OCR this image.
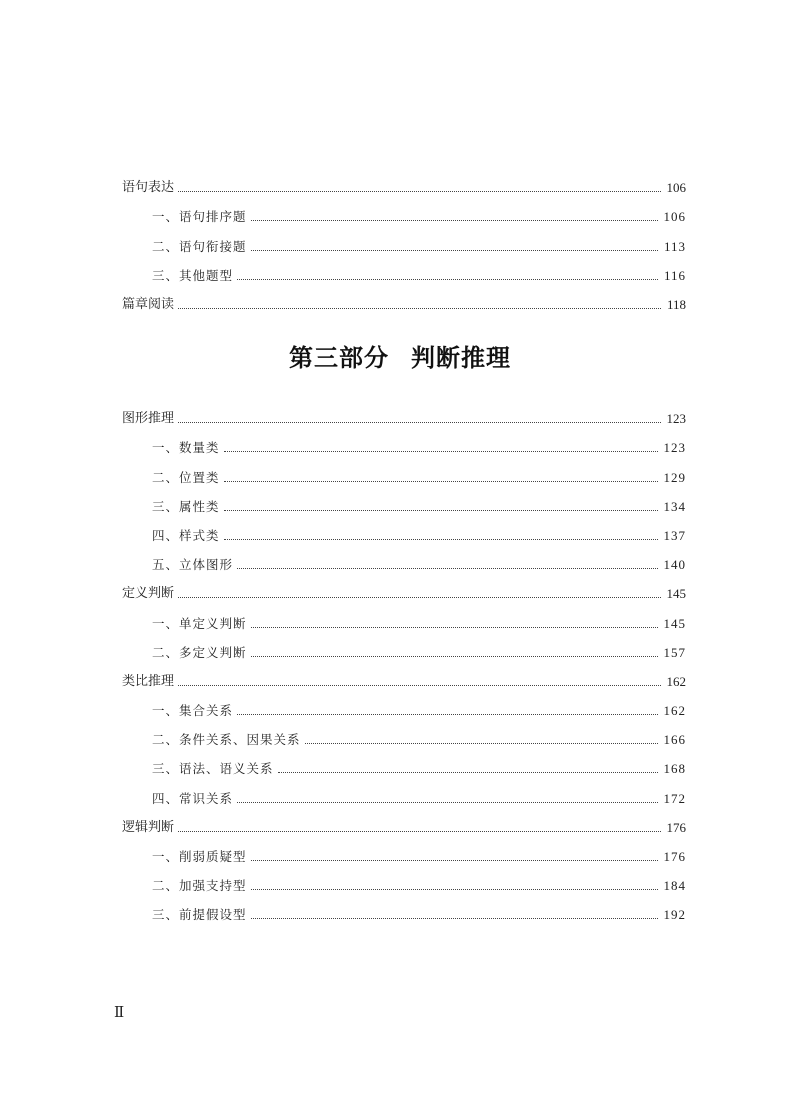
语句表达	106
一、语句排序题	106
二、语句衔接题	113
三、其他题型	116
篇章阅读	118
第三部分 判断推理
图形推理	123
一、数量类	123
二、位置类	129
三、属性类	134
四、样式类	137
五、立体图形	140
定义判断	145
一、单定义判断	145
二、多定义判断	157
类比推理	162
一、集合关系	162
二、条件关系、因果关系	166
三、语法、语义关系	168
四、常识关系	172
逻辑判断	176
一、削弱质疑型	176
二、加强支持型	184
三、前提假设型	192
Ⅱ
